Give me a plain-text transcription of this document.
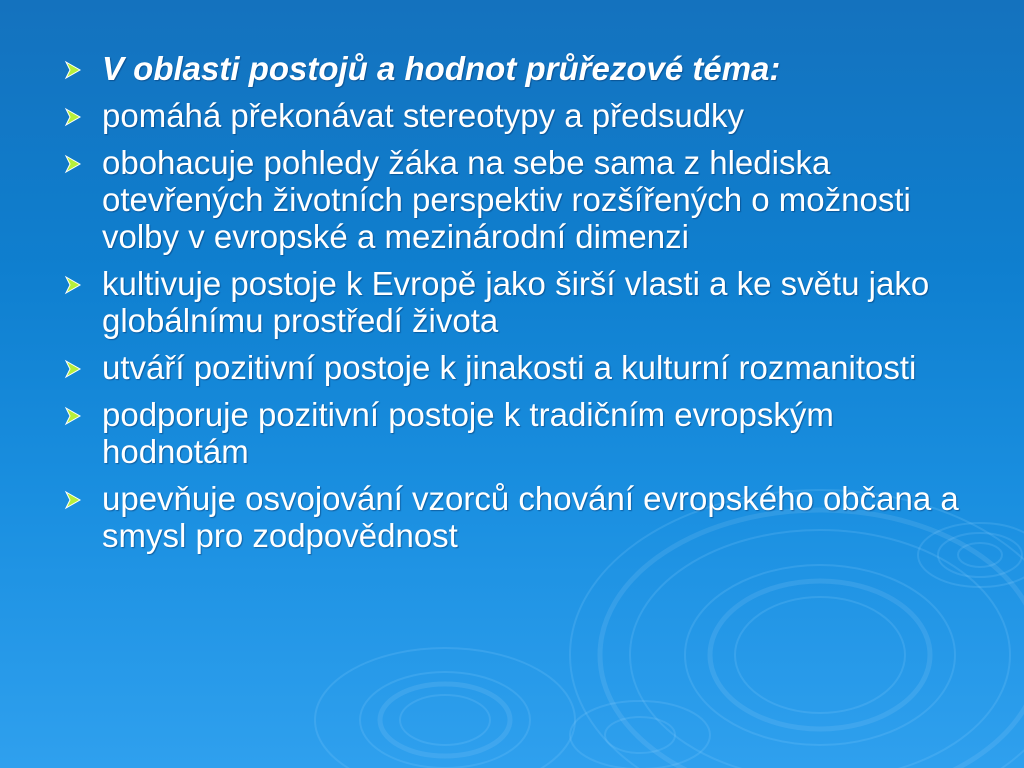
V oblasti postojů a hodnot průřezové téma:
pomáhá překonávat stereotypy a předsudky
obohacuje pohledy žáka na sebe sama z hlediska otevřených životních perspektiv rozšířených o možnosti volby v evropské a mezinárodní dimenzi
kultivuje postoje k Evropě jako širší vlasti a ke světu jako globálnímu prostředí života
utváří pozitivní postoje k jinakosti a kulturní rozmanitosti
podporuje pozitivní postoje k tradičním evropským hodnotám
upevňuje osvojování vzorců chování evropského občana a smysl pro zodpovědnost
